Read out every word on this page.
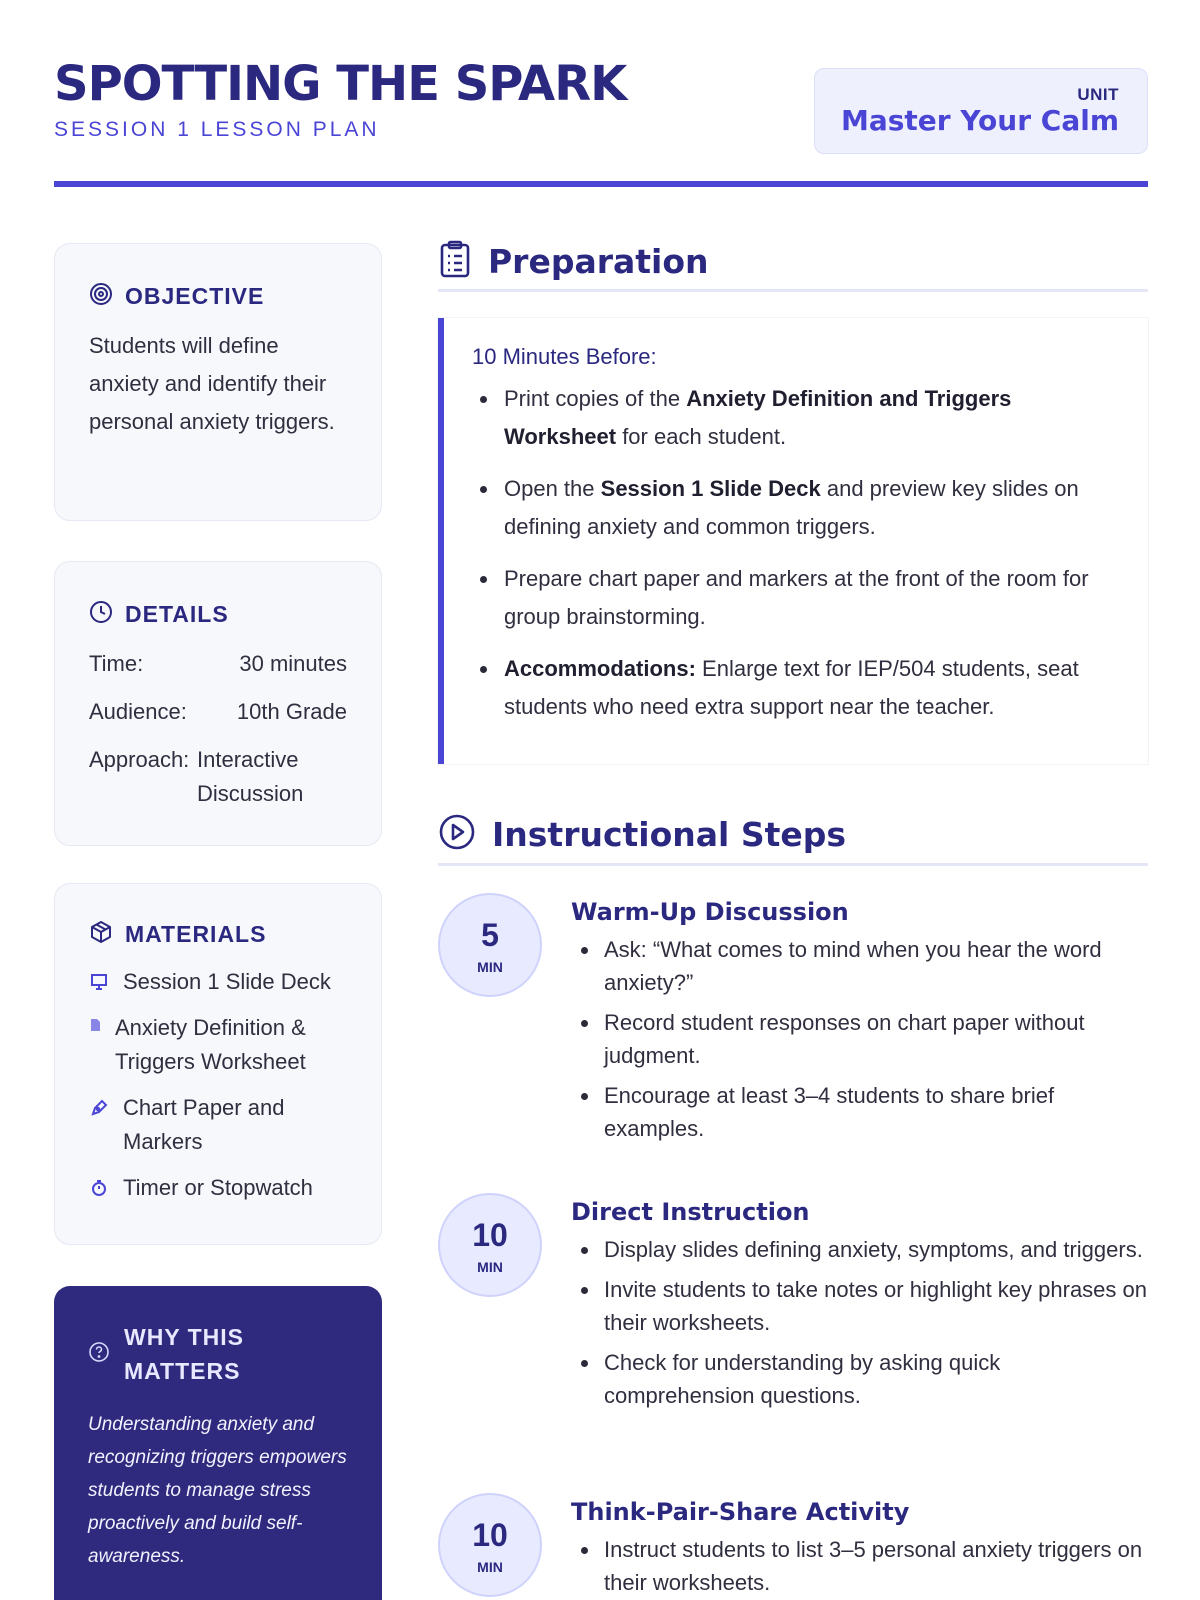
SPOTTING THE SPARK
SESSION 1 LESSON PLAN
UNIT
Master Your Calm
OBJECTIVE
Students will define anxiety and identify their personal anxiety triggers.
DETAILS
Time:	30 minutes
Audience:	10th Grade
Approach: Interactive Discussion
MATERIALS
Session 1 Slide Deck
Anxiety Definition & Triggers Worksheet
Chart Paper and Markers
Timer or Stopwatch
WHY THIS MATTERS
Understanding anxiety and recognizing triggers empowers students to manage stress proactively and build self-awareness.
Preparation
10 Minutes Before:
Print copies of the Anxiety Definition and Triggers Worksheet for each student.
Open the Session 1 Slide Deck and preview key slides on defining anxiety and common triggers.
Prepare chart paper and markers at the front of the room for group brainstorming.
Accommodations: Enlarge text for IEP/504 students, seat students who need extra support near the teacher.
Instructional Steps
5
MIN
Warm-Up Discussion
Ask: “What comes to mind when you hear the word anxiety?”
Record student responses on chart paper without judgment.
Encourage at least 3–4 students to share brief examples.
10
MIN
Direct Instruction
Display slides defining anxiety, symptoms, and triggers.
Invite students to take notes or highlight key phrases on their worksheets.
Check for understanding by asking quick comprehension questions.
10
MIN
Think-Pair-Share Activity
Instruct students to list 3–5 personal anxiety triggers on their worksheets.
